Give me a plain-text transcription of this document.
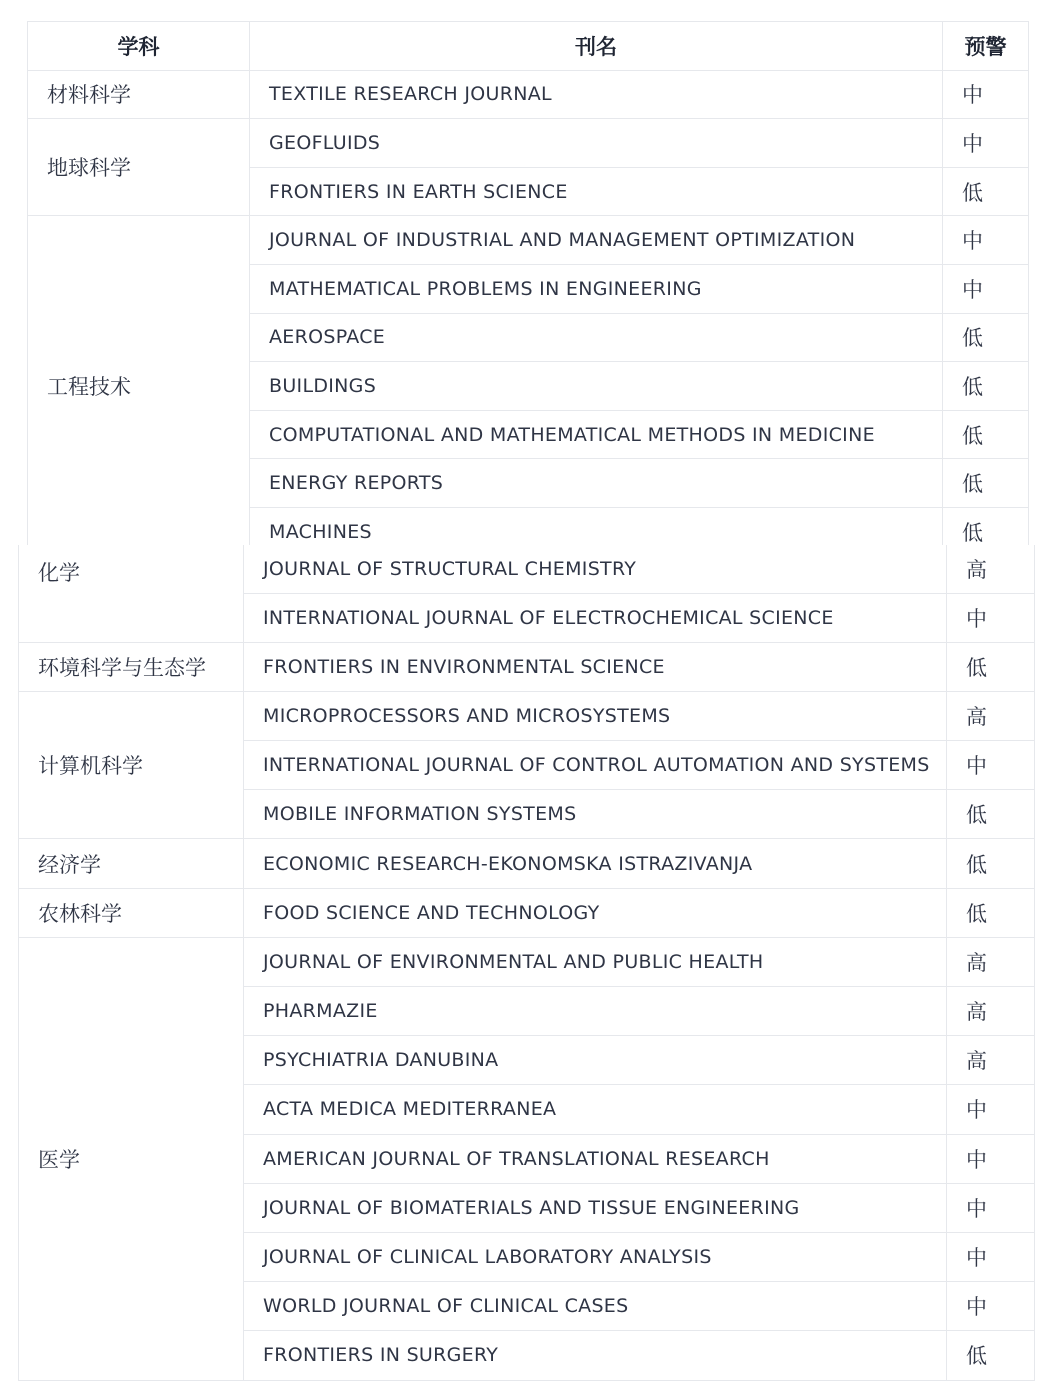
学科	刊名	预警
材料科学	TEXTILE RESEARCH JOURNAL	中
地球科学	GEOFLUIDS	中
	FRONTIERS IN EARTH SCIENCE	低
工程技术	JOURNAL OF INDUSTRIAL AND MANAGEMENT OPTIMIZATION	中
	MATHEMATICAL PROBLEMS IN ENGINEERING	中
	AEROSPACE	低
	BUILDINGS	低
	COMPUTATIONAL AND MATHEMATICAL METHODS IN MEDICINE	低
	ENERGY REPORTS	低
	MACHINES	低
化学	JOURNAL OF STRUCTURAL CHEMISTRY	高
	INTERNATIONAL JOURNAL OF ELECTROCHEMICAL SCIENCE	中
环境科学与生态学	FRONTIERS IN ENVIRONMENTAL SCIENCE	低
计算机科学	MICROPROCESSORS AND MICROSYSTEMS	高
	INTERNATIONAL JOURNAL OF CONTROL AUTOMATION AND SYSTEMS	中
	MOBILE INFORMATION SYSTEMS	低
经济学	ECONOMIC RESEARCH-EKONOMSKA ISTRAZIVANJA	低
农林科学	FOOD SCIENCE AND TECHNOLOGY	低
医学	JOURNAL OF ENVIRONMENTAL AND PUBLIC HEALTH	高
	PHARMAZIE	高
	PSYCHIATRIA DANUBINA	高
	ACTA MEDICA MEDITERRANEA	中
	AMERICAN JOURNAL OF TRANSLATIONAL RESEARCH	中
	JOURNAL OF BIOMATERIALS AND TISSUE ENGINEERING	中
	JOURNAL OF CLINICAL LABORATORY ANALYSIS	中
	WORLD JOURNAL OF CLINICAL CASES	中
	FRONTIERS IN SURGERY	低
